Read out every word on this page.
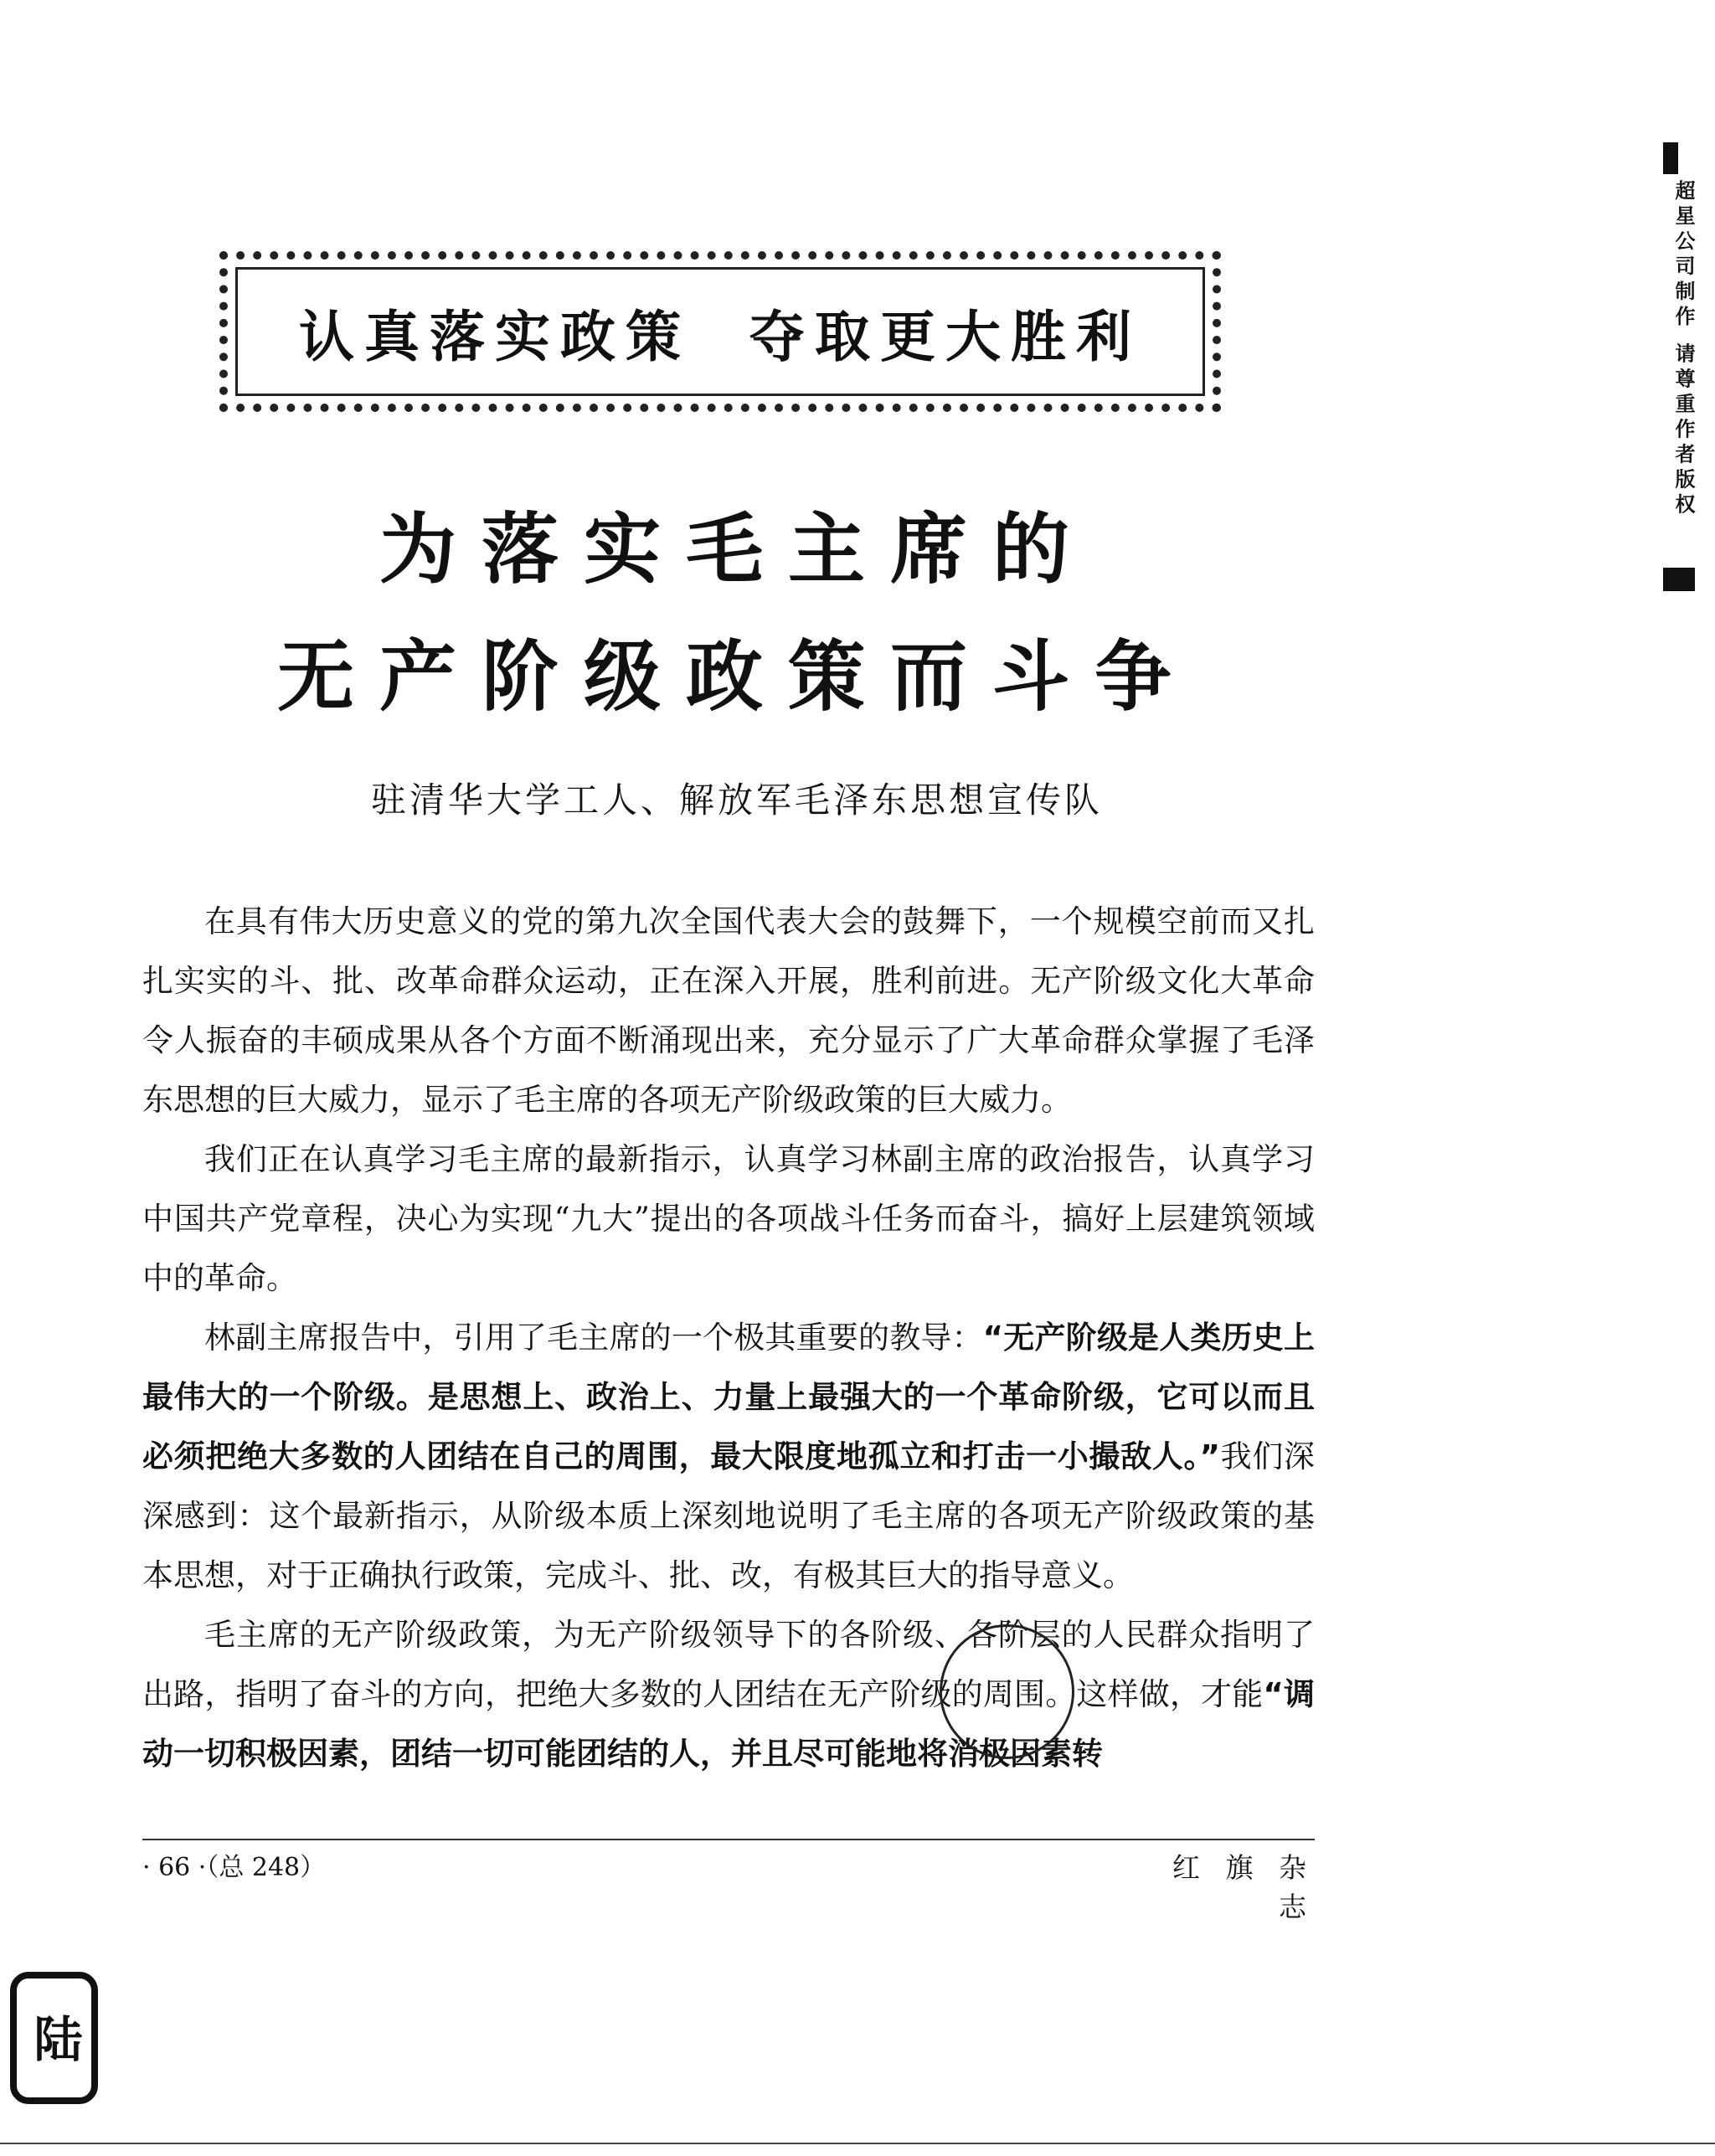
认真落实政策  夺取更大胜利
为落实毛主席的
无产阶级政策而斗争
驻清华大学工人、解放军毛泽东思想宣传队

在具有伟大历史意义的党的第九次全国代表大会的鼓舞下，一个规模空前而又扎扎实实的斗、批、改革命群众运动，正在深入开展，胜利前进。无产阶级文化大革命令人振奋的丰硕成果从各个方面不断涌现出来，充分显示了广大革命群众掌握了毛泽东思想的巨大威力，显示了毛主席的各项无产阶级政策的巨大威力。

我们正在认真学习毛主席的最新指示，认真学习林副主席的政治报告，认真学习中国共产党章程，决心为实现“九大”提出的各项战斗任务而奋斗，搞好上层建筑领域中的革命。

林副主席报告中，引用了毛主席的一个极其重要的教导：“无产阶级是人类历史上最伟大的一个阶级。是思想上、政治上、力量上最强大的一个革命阶级，它可以而且必须把绝大多数的人团结在自己的周围，最大限度地孤立和打击一小撮敌人。”我们深深感到：这个最新指示，从阶级本质上深刻地说明了毛主席的各项无产阶级政策的基本思想，对于正确执行政策，完成斗、批、改，有极其巨大的指导意义。

毛主席的无产阶级政策，为无产阶级领导下的各阶级、各阶层的人民群众指明了出路，指明了奋斗的方向，把绝大多数的人团结在无产阶级的周围。这样做，才能“调动一切积极因素，团结一切可能团结的人，并且尽可能地将消极因素转

· 66 ·（总 248）	红 旗 杂 志
超星公司制作 请尊重作者版权
陆
